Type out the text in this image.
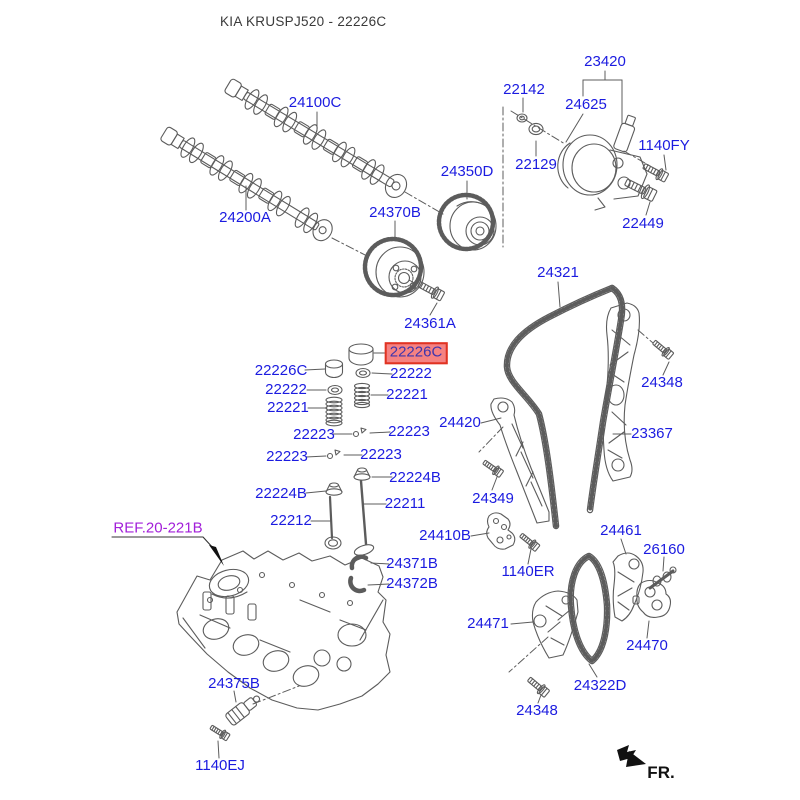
KIA KRUSPJ520 - 22226C
REF.20-221B
FR.
24100C
23420
22142
24625
1140FY
22129
24350D
22449
24200A	24370B
24321
24361A
22226C
22226C	22222
22222	22221
22221
22223
22223
22223
22223
22224B
22224B
22211
22212
24420
24349
23367
24348
24410B
1140ER
24461
26160
24471
24470
24322D
24348
24371B
24372B
24375B
1140EJ
